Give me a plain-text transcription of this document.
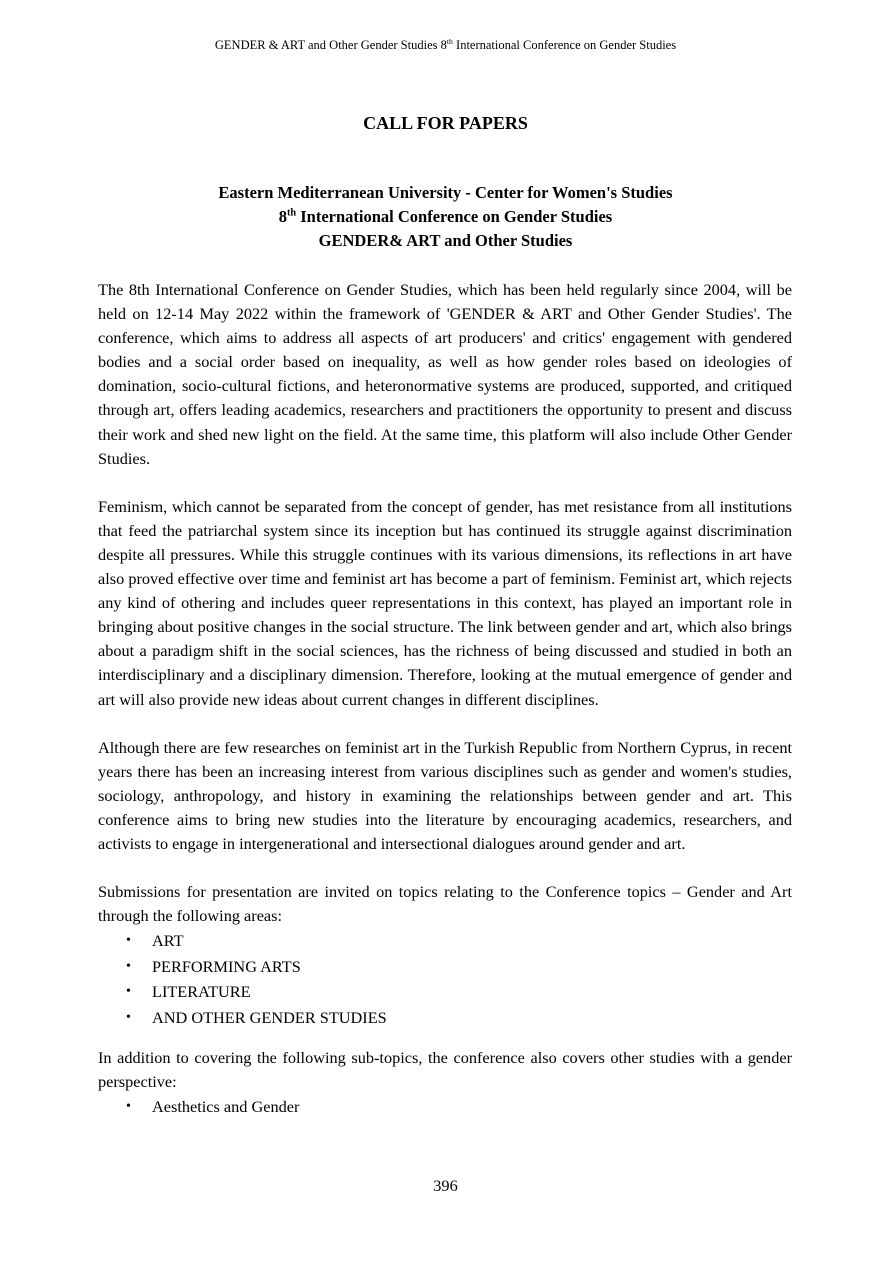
GENDER & ART and Other Gender Studies 8th International Conference on Gender Studies
CALL FOR PAPERS
Eastern Mediterranean University - Center for Women's Studies
8th International Conference on Gender Studies
GENDER& ART and Other Studies

The 8th International Conference on Gender Studies, which has been held regularly since 2004, will be held on 12-14 May 2022 within the framework of 'GENDER & ART and Other Gender Studies'. The conference, which aims to address all aspects of art producers' and critics' engagement with gendered bodies and a social order based on inequality, as well as how gender roles based on ideologies of domination, socio-cultural fictions, and heteronormative systems are produced, supported, and critiqued through art, offers leading academics, researchers and practitioners the opportunity to present and discuss their work and shed new light on the field. At the same time, this platform will also include Other Gender Studies.

Feminism, which cannot be separated from the concept of gender, has met resistance from all institutions that feed the patriarchal system since its inception but has continued its struggle against discrimination despite all pressures. While this struggle continues with its various dimensions, its reflections in art have also proved effective over time and feminist art has become a part of feminism. Feminist art, which rejects any kind of othering and includes queer representations in this context, has played an important role in bringing about positive changes in the social structure. The link between gender and art, which also brings about a paradigm shift in the social sciences, has the richness of being discussed and studied in both an interdisciplinary and a disciplinary dimension. Therefore, looking at the mutual emergence of gender and art will also provide new ideas about current changes in different disciplines.

Although there are few researches on feminist art in the Turkish Republic from Northern Cyprus, in recent years there has been an increasing interest from various disciplines such as gender and women's studies, sociology, anthropology, and history in examining the relationships between gender and art. This conference aims to bring new studies into the literature by encouraging academics, researchers, and activists to engage in intergenerational and intersectional dialogues around gender and art.

Submissions for presentation are invited on topics relating to the Conference topics – Gender and Art through the following areas:

• ART
• PERFORMING ARTS
• LITERATURE
• AND OTHER GENDER STUDIES

In addition to covering the following sub-topics, the conference also covers other studies with a gender perspective:

• Aesthetics and Gender
396
